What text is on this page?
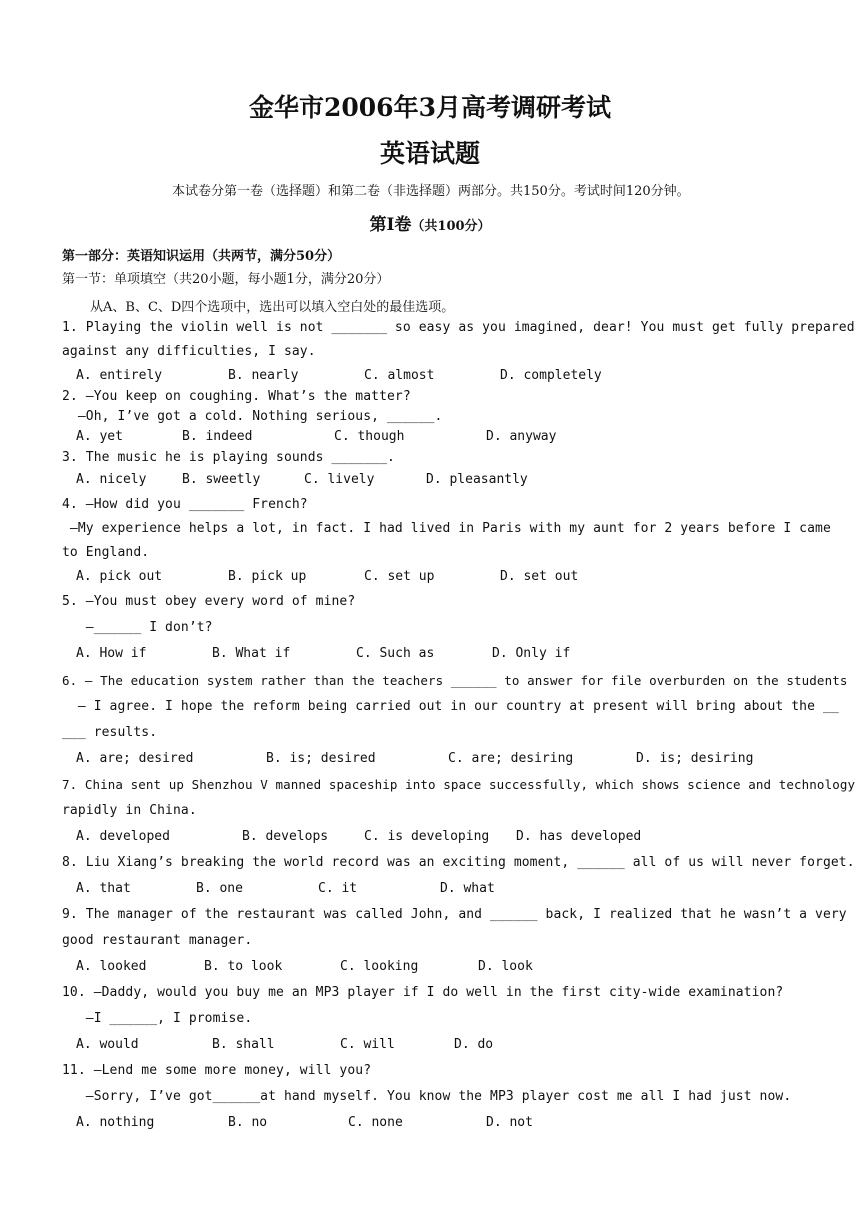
金华市2006年3月高考调研考试
英语试题
本试卷分第一卷（选择题）和第二卷（非选择题）两部分。共150分。考试时间120分钟。
第Ⅰ卷（共100分）
第一部分：英语知识运用（共两节，满分50分）
第一节：单项填空（共20小题，每小题1分，满分20分）
从A、B、C、D四个选项中，选出可以填入空白处的最佳选项。
1. Playing the violin well is not _______ so easy as you imagined, dear! You must get fully prepared
against any difficulties, I say.
A. entirely	B. nearly	C. almost	D. completely
2. —You keep on coughing. What’s the matter?
—Oh, I’ve got a cold. Nothing serious, ______.
A. yet	B. indeed	C. though	D. anyway
3. The music he is playing sounds _______.
A. nicely	B. sweetly	C. lively	D. pleasantly
4. —How did you _______ French?
—My experience helps a lot, in fact. I had lived in Paris with my aunt for 2 years before I came
to England.
A. pick out	B. pick up	C. set up	D. set out
5. —You must obey every word of mine?
—______ I don’t?
A. How if	B. What if	C. Such as	D. Only if
6. — The education system rather than the teachers ______ to answer for file overburden on the students
— I agree. I hope the reform being carried out in our country at present will bring about the __
___ results.
A. are; desired	B. is; desired	C. are; desiring	D. is; desiring
7. China sent up Shenzhou V manned spaceship into space successfully, which shows science and technology
rapidly in China.
A. developed	B. develops	C. is developing D. has developed
8. Liu Xiang’s breaking the world record was an exciting moment, ______ all of us will never forget.
A. that	B. one	C. it	D. what
9. The manager of the restaurant was called John, and ______ back, I realized that he wasn’t a very
good restaurant manager.
A. looked	B. to look	C. looking	D. look
10. —Daddy, would you buy me an MP3 player if I do well in the first city-wide examination?
—I ______, I promise.
A. would	B. shall	C. will	D. do
11. —Lend me some more money, will you?
—Sorry, I’ve got______at hand myself. You know the MP3 player cost me all I had just now.
A. nothing	B. no	C. none	D. not
